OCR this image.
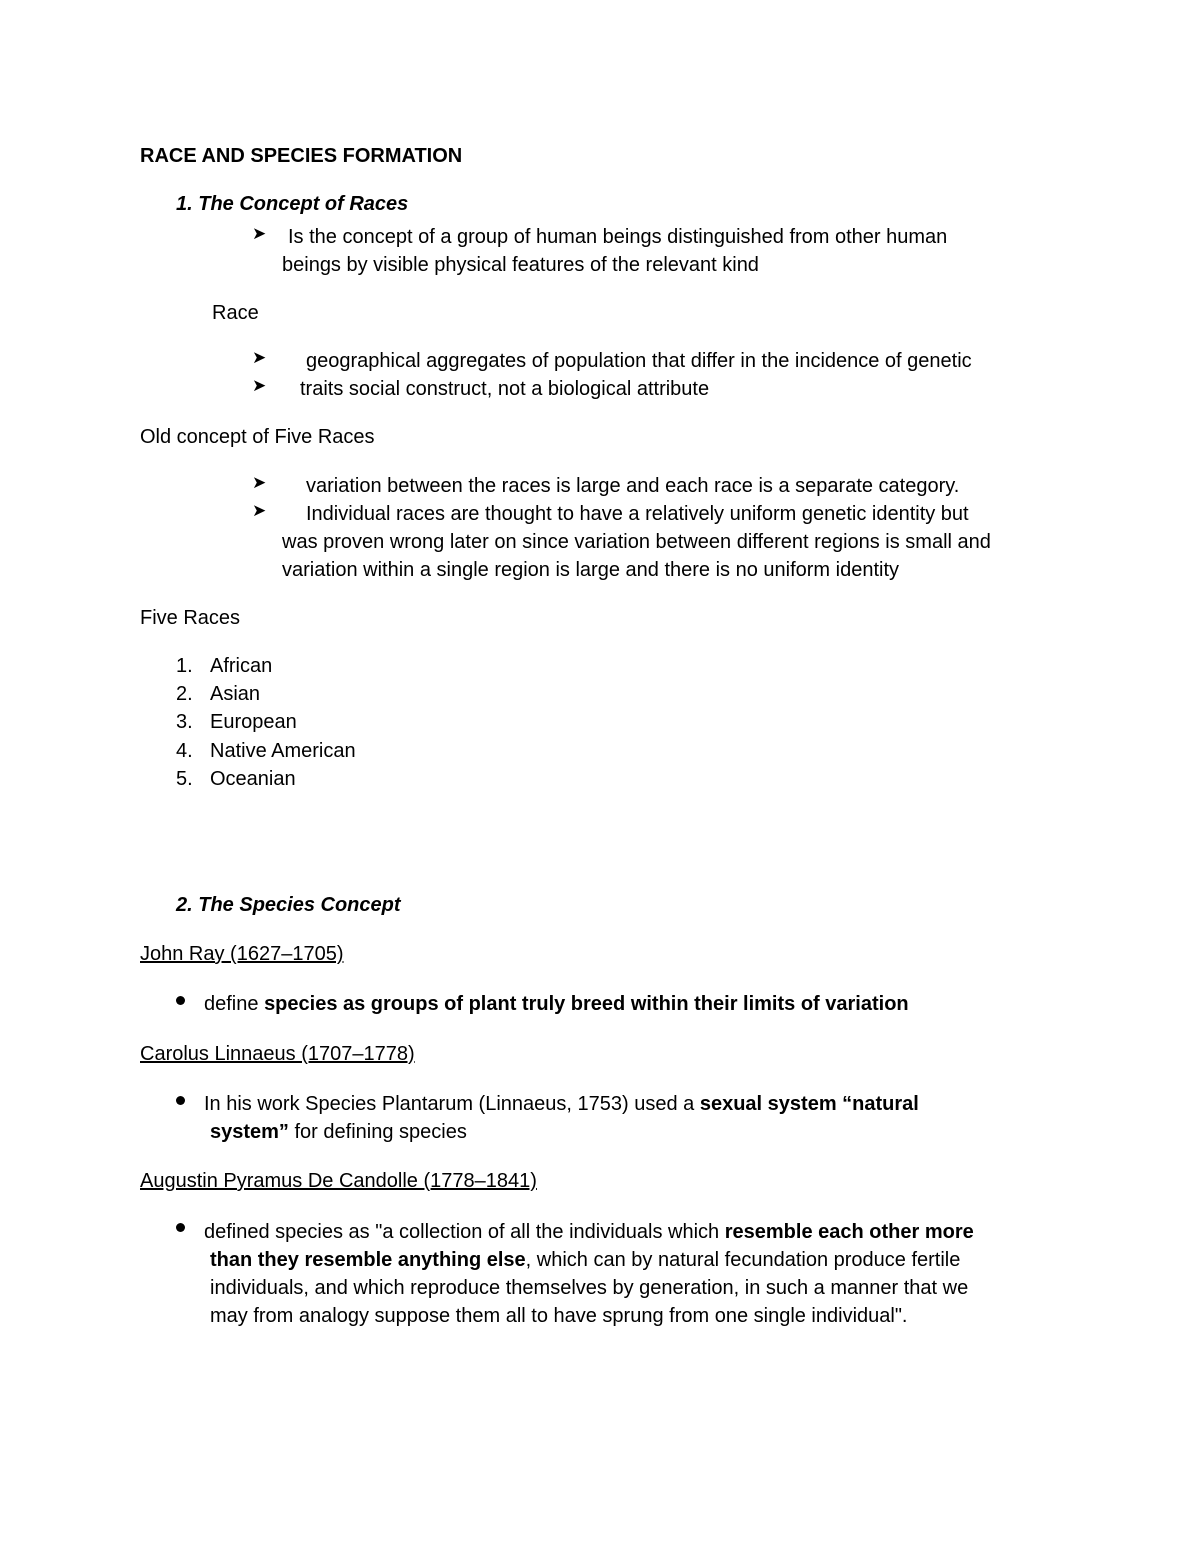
RACE AND SPECIES FORMATION
1. The Concept of Races
➤ Is the concept of a group of human beings distinguished from other human
beings by visible physical features of the relevant kind
Race
➤ geographical aggregates of population that differ in the incidence of genetic
➤ traits social construct, not a biological attribute
Old concept of Five Races
➤ variation between the races is large and each race is a separate category.
➤ Individual races are thought to have a relatively uniform genetic identity but
was proven wrong later on since variation between different regions is small and
variation within a single region is large and there is no uniform identity
Five Races
1. African
2. Asian
3. European
4. Native American
5. Oceanian
2. The Species Concept
John Ray (1627–1705)
define species as groups of plant truly breed within their limits of variation
Carolus Linnaeus (1707–1778)
In his work Species Plantarum (Linnaeus, 1753) used a sexual system “natural
system” for defining species
Augustin Pyramus De Candolle (1778–1841)
defined species as "a collection of all the individuals which resemble each other more
than they resemble anything else, which can by natural fecundation produce fertile
individuals, and which reproduce themselves by generation, in such a manner that we
may from analogy suppose them all to have sprung from one single individual".
